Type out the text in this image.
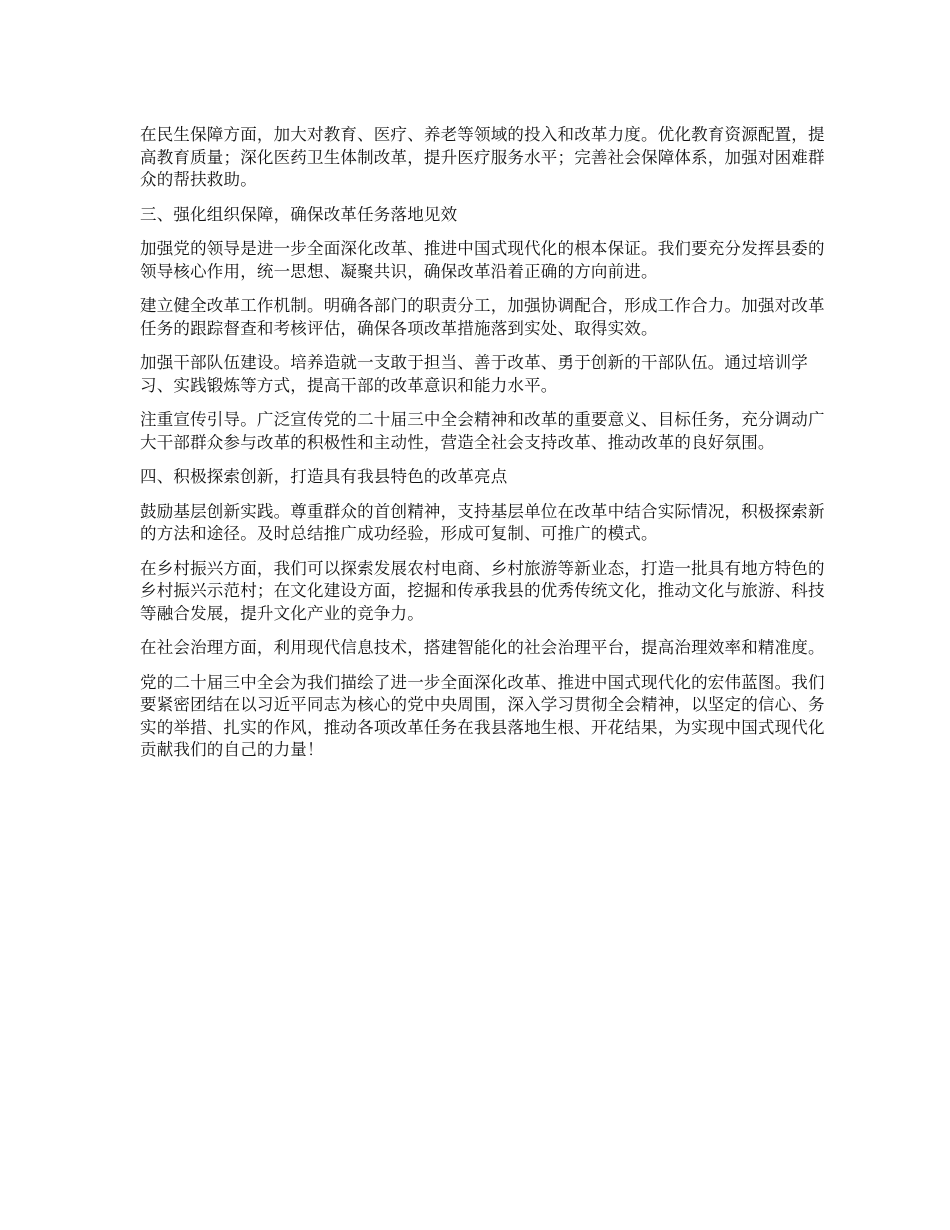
在民生保障方面，加大对教育、医疗、养老等领域的投入和改革力度。优化教育资源配置，提高教育质量；深化医药卫生体制改革，提升医疗服务水平；完善社会保障体系，加强对困难群众的帮扶救助。

三、强化组织保障，确保改革任务落地见效

加强党的领导是进一步全面深化改革、推进中国式现代化的根本保证。我们要充分发挥县委的领导核心作用，统一思想、凝聚共识，确保改革沿着正确的方向前进。

建立健全改革工作机制。明确各部门的职责分工，加强协调配合，形成工作合力。加强对改革任务的跟踪督查和考核评估，确保各项改革措施落到实处、取得实效。

加强干部队伍建设。培养造就一支敢于担当、善于改革、勇于创新的干部队伍。通过培训学习、实践锻炼等方式，提高干部的改革意识和能力水平。

注重宣传引导。广泛宣传党的二十届三中全会精神和改革的重要意义、目标任务，充分调动广大干部群众参与改革的积极性和主动性，营造全社会支持改革、推动改革的良好氛围。

四、积极探索创新，打造具有我县特色的改革亮点

鼓励基层创新实践。尊重群众的首创精神，支持基层单位在改革中结合实际情况，积极探索新的方法和途径。及时总结推广成功经验，形成可复制、可推广的模式。

在乡村振兴方面，我们可以探索发展农村电商、乡村旅游等新业态，打造一批具有地方特色的乡村振兴示范村；在文化建设方面，挖掘和传承我县的优秀传统文化，推动文化与旅游、科技等融合发展，提升文化产业的竞争力。

在社会治理方面，利用现代信息技术，搭建智能化的社会治理平台，提高治理效率和精准度。

党的二十届三中全会为我们描绘了进一步全面深化改革、推进中国式现代化的宏伟蓝图。我们要紧密团结在以习近平同志为核心的党中央周围，深入学习贯彻全会精神，以坚定的信心、务实的举措、扎实的作风，推动各项改革任务在我县落地生根、开花结果，为实现中国式现代化贡献我们的自己的力量！
